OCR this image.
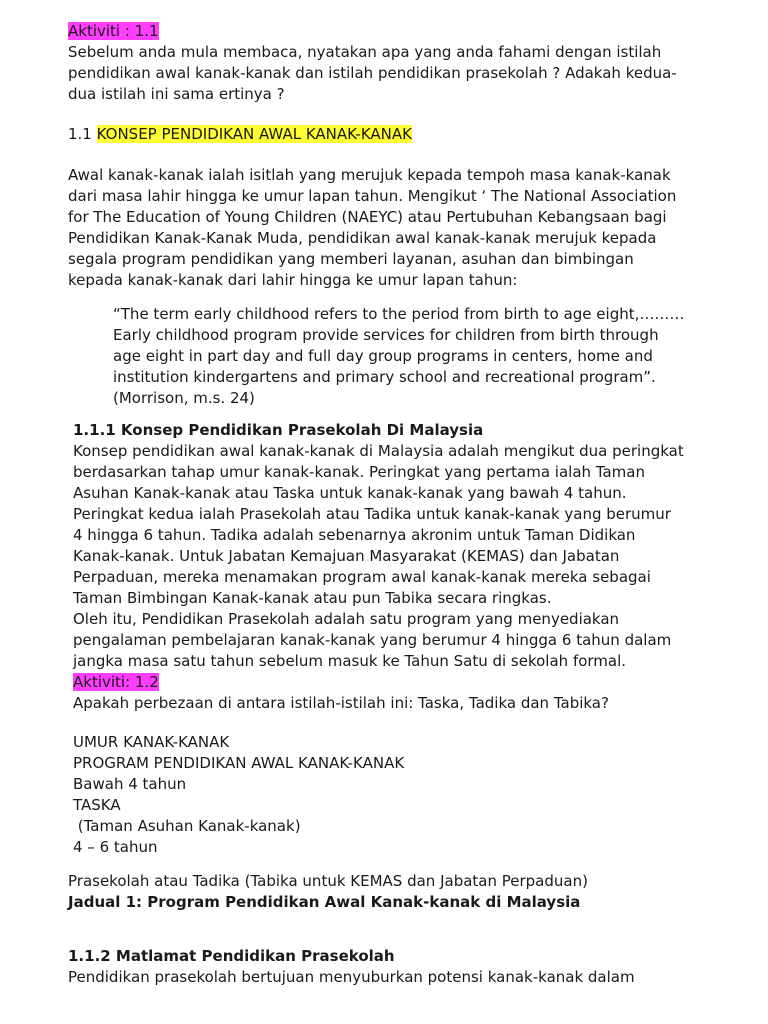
Aktiviti : 1.1
Sebelum anda mula membaca, nyatakan apa yang anda fahami dengan istilah
pendidikan awal kanak-kanak dan istilah pendidikan prasekolah ? Adakah kedua-
dua istilah ini sama ertinya ?
1.1 KONSEP PENDIDIKAN AWAL KANAK-KANAK
Awal kanak-kanak ialah isitlah yang merujuk kepada tempoh masa kanak-kanak
dari masa lahir hingga ke umur lapan tahun. Mengikut ‘ The National Association
for The Education of Young Children (NAEYC) atau Pertubuhan Kebangsaan bagi
Pendidikan Kanak-Kanak Muda, pendidikan awal kanak-kanak merujuk kepada
segala program pendidikan yang memberi layanan, asuhan dan bimbingan
kepada kanak-kanak dari lahir hingga ke umur lapan tahun:
“The term early childhood refers to the period from birth to age eight,………
Early childhood program provide services for children from birth through
age eight in part day and full day group programs in centers, home and
institution kindergartens and primary school and recreational program”.
(Morrison, m.s. 24)
1.1.1 Konsep Pendidikan Prasekolah Di Malaysia
Konsep pendidikan awal kanak-kanak di Malaysia adalah mengikut dua peringkat
berdasarkan tahap umur kanak-kanak. Peringkat yang pertama ialah Taman
Asuhan Kanak-kanak atau Taska untuk kanak-kanak yang bawah 4 tahun.
Peringkat kedua ialah Prasekolah atau Tadika untuk kanak-kanak yang berumur
4 hingga 6 tahun. Tadika adalah sebenarnya akronim untuk Taman Didikan
Kanak-kanak. Untuk Jabatan Kemajuan Masyarakat (KEMAS) dan Jabatan
Perpaduan, mereka menamakan program awal kanak-kanak mereka sebagai
Taman Bimbingan Kanak-kanak atau pun Tabika secara ringkas.
Oleh itu, Pendidikan Prasekolah adalah satu program yang menyediakan
pengalaman pembelajaran kanak-kanak yang berumur 4 hingga 6 tahun dalam
jangka masa satu tahun sebelum masuk ke Tahun Satu di sekolah formal.
Aktiviti: 1.2
Apakah perbezaan di antara istilah-istilah ini: Taska, Tadika dan Tabika?
UMUR KANAK-KANAK
PROGRAM PENDIDIKAN AWAL KANAK-KANAK
Bawah 4 tahun
TASKA
(Taman Asuhan Kanak-kanak)
4 – 6 tahun
Prasekolah atau Tadika (Tabika untuk KEMAS dan Jabatan Perpaduan)
Jadual 1: Program Pendidikan Awal Kanak-kanak di Malaysia
1.1.2 Matlamat Pendidikan Prasekolah
Pendidikan prasekolah bertujuan menyuburkan potensi kanak-kanak dalam
